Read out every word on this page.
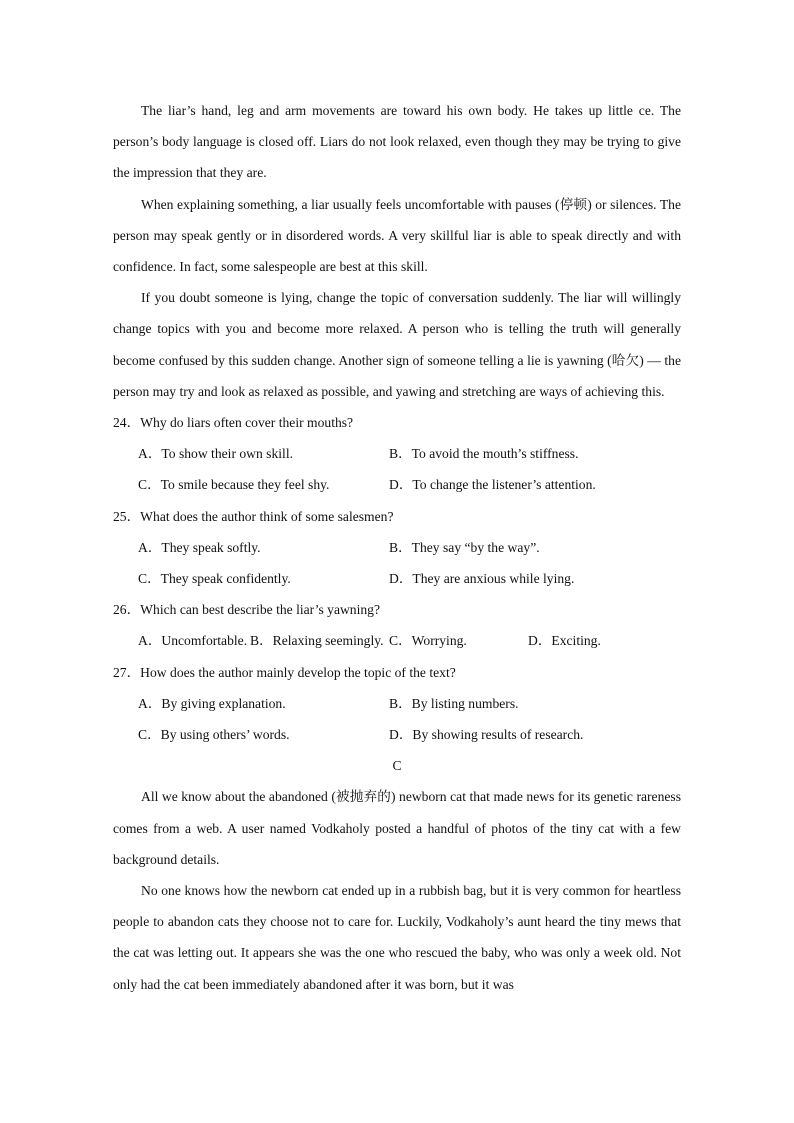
The liar’s hand, leg and arm movements are toward his own body. He takes up little ce. The person’s body language is closed off. Liars do not look relaxed, even though they may be trying to give the impression that they are.

When explaining something, a liar usually feels uncomfortable with pauses (停顿) or silences. The person may speak gently or in disordered words. A very skillful liar is able to speak directly and with confidence. In fact, some salespeople are best at this skill.

If you doubt someone is lying, change the topic of conversation suddenly. The liar will willingly change topics with you and become more relaxed. A person who is telling the truth will generally become confused by this sudden change. Another sign of someone telling a lie is yawning (哈欠) — the person may try and look as relaxed as possible, and yawing and stretching are ways of achieving this.

24．Why do liars often cover their mouths?
A．To show their own skill.	B．To avoid the mouth’s stiffness.
C．To smile because they feel shy.	D．To change the listener’s attention.
25．What does the author think of some salesmen?
A．They speak softly.	B．They say “by the way”.
C．They speak confidently.	D．They are anxious while lying.
26．Which can best describe the liar’s yawning?
A．Uncomfortable. B．Relaxing seemingly. C．Worrying.	D．Exciting.
27．How does the author mainly develop the topic of the text?
A．By giving explanation.	B．By listing numbers.
C．By using others’ words.	D．By showing results of research.
C

All we know about the abandoned (被抛弃的) newborn cat that made news for its genetic rareness comes from a web. A user named Vodkaholy posted a handful of photos of the tiny cat with a few background details.

No one knows how the newborn cat ended up in a rubbish bag, but it is very common for heartless people to abandon cats they choose not to care for. Luckily, Vodkaholy’s aunt heard the tiny mews that the cat was letting out. It appears she was the one who rescued the baby, who was only a week old. Not only had the cat been immediately abandoned after it was born, but it was
